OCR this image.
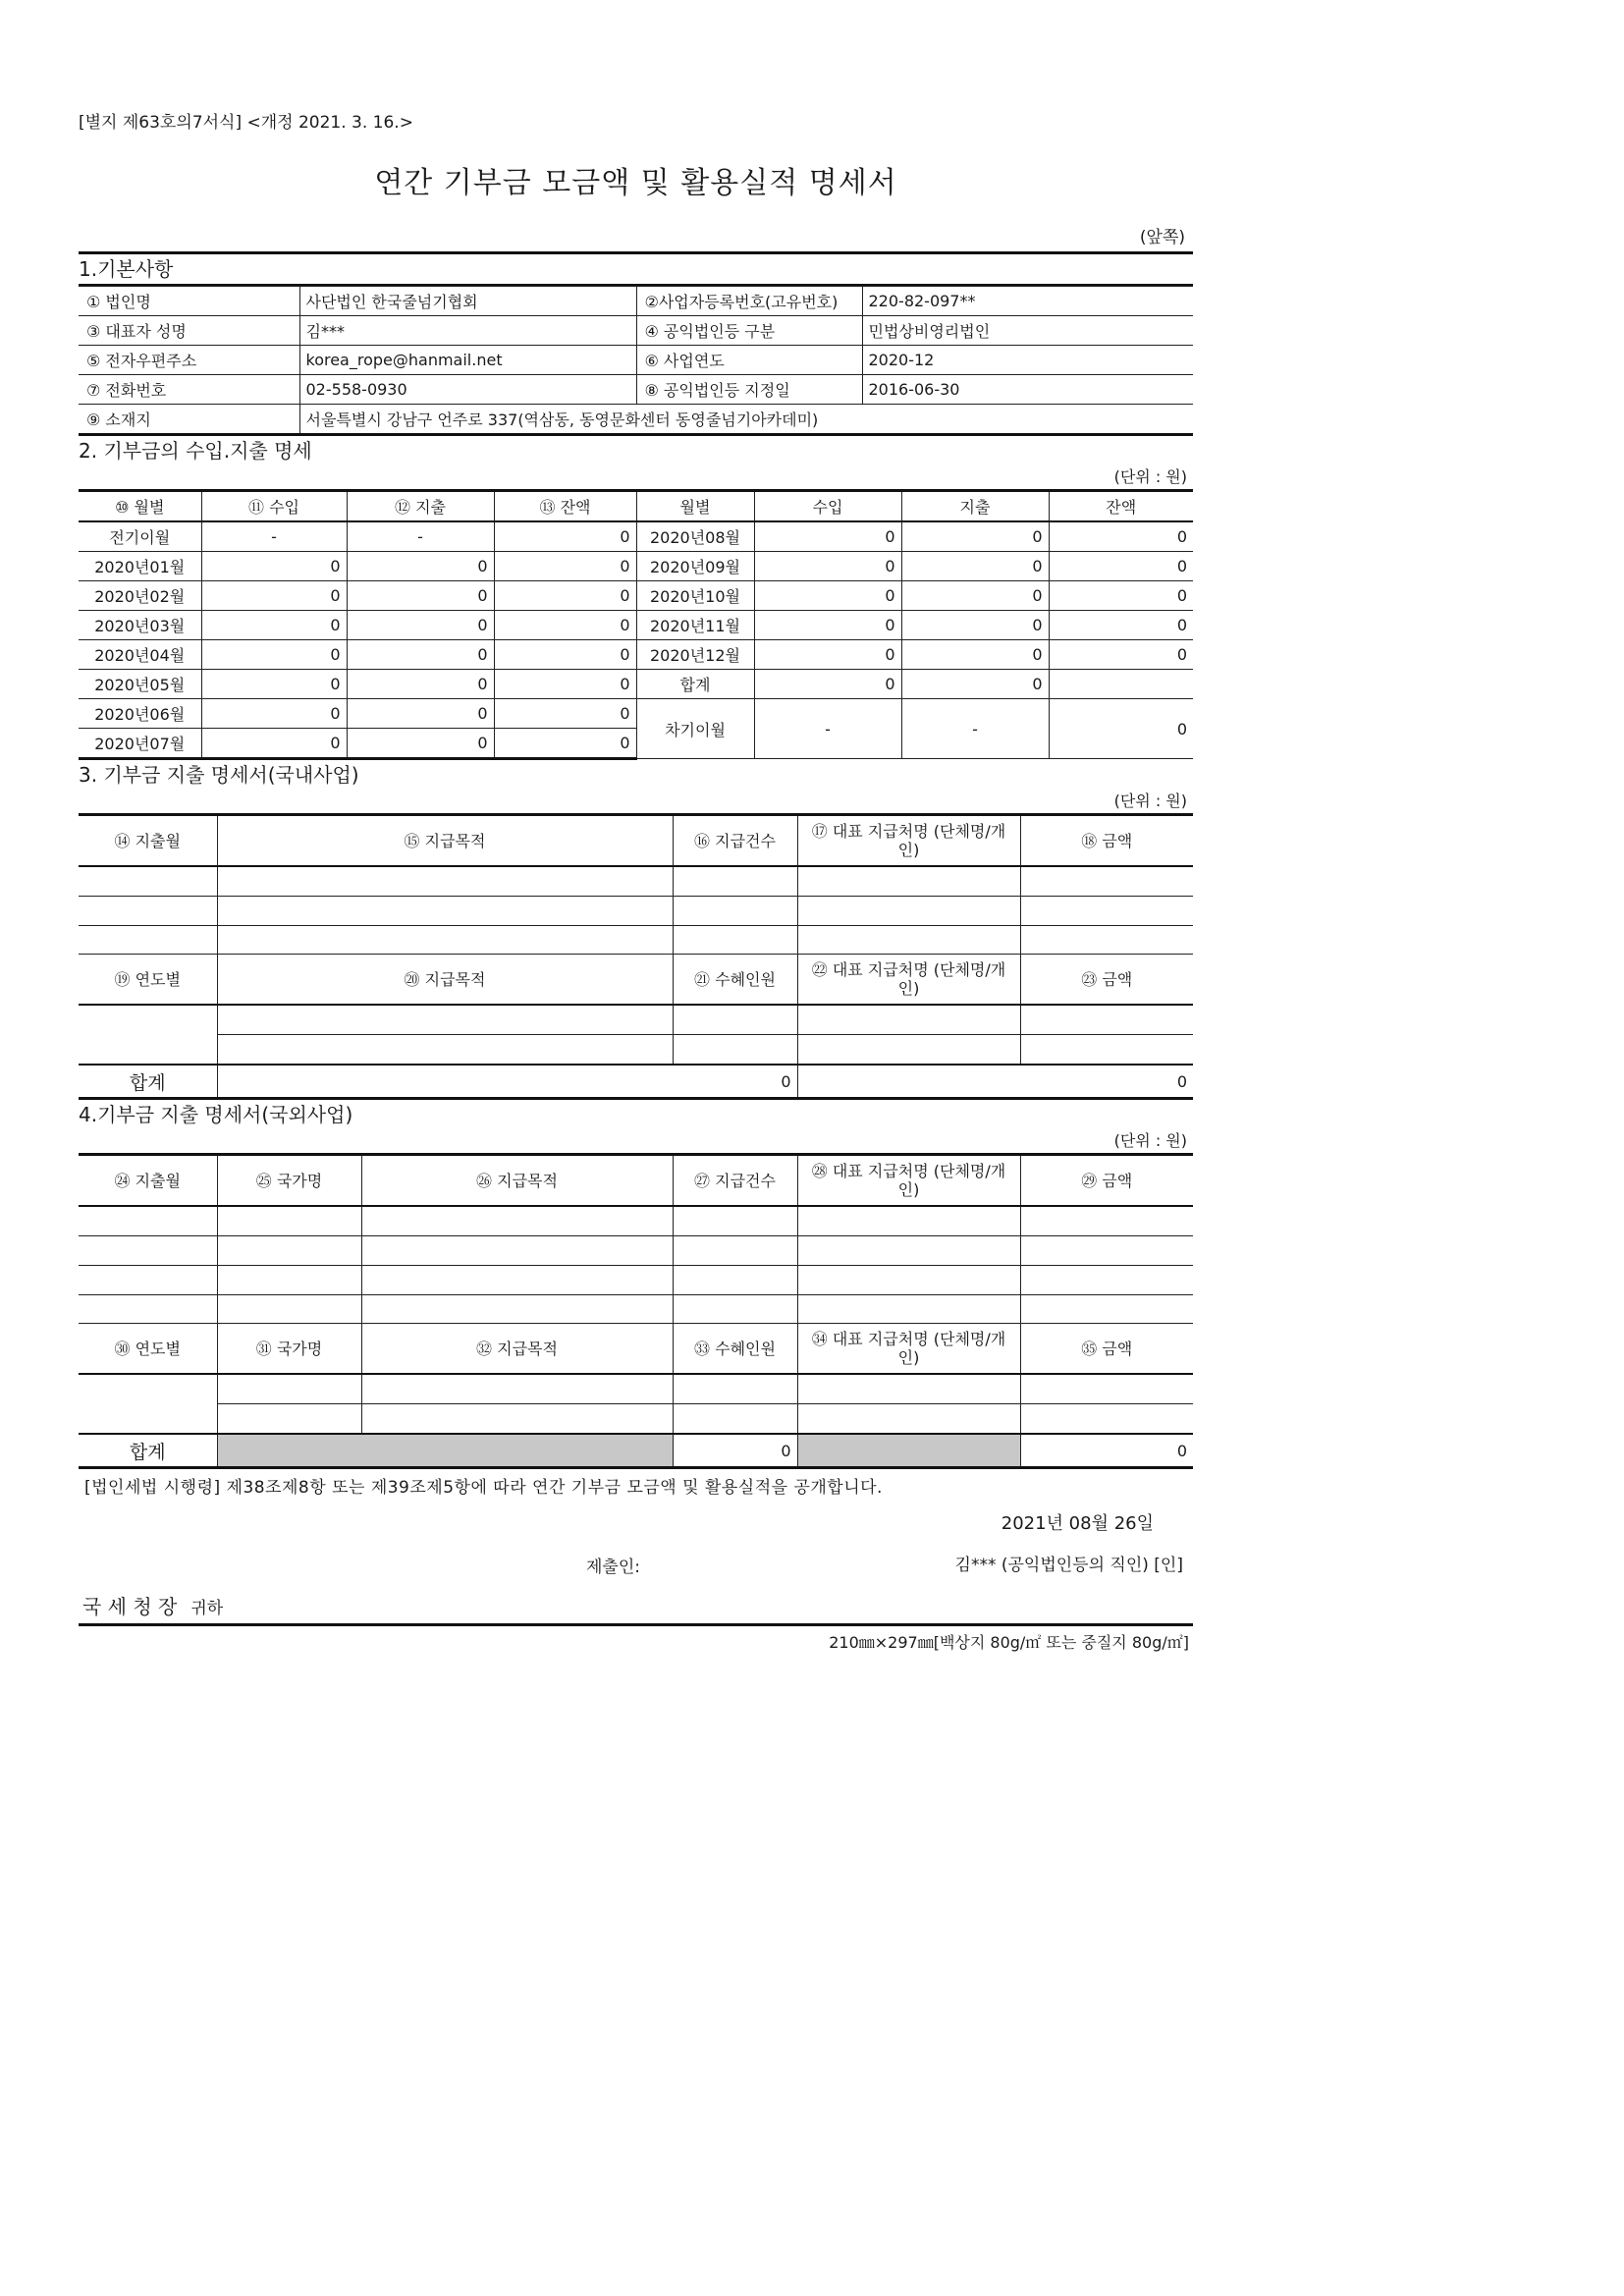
[별지 제63호의7서식] <개정 2021. 3. 16.>
연간 기부금 모금액 및 활용실적 명세서
(앞쪽)
1.기본사항
① 법인명	사단법인 한국줄넘기협회	②사업자등록번호(고유번호)	220-82-097**
③ 대표자 성명	김***	④ 공익법인등 구분	민법상비영리법인
⑤ 전자우편주소	korea_rope@hanmail.net	⑥ 사업연도	2020-12
⑦ 전화번호	02-558-0930	⑧ 공익법인등 지정일	2016-06-30
⑨ 소재지	서울특별시 강남구 언주로 337(역삼동, 동영문화센터 동영줄넘기아카데미)		
2. 기부금의 수입.지출 명세
(단위 : 원)
⑩ 월별	⑪ 수입	⑫ 지출	⑬ 잔액	월별	수입	지출	잔액
전기이월	-	-	0	2020년08월	0	0	0
2020년01월	0	0	0	2020년09월	0	0	0
2020년02월	0	0	0	2020년10월	0	0	0
2020년03월	0	0	0	2020년11월	0	0	0
2020년04월	0	0	0	2020년12월	0	0	0
2020년05월	0	0	0	합계	0	0	
2020년06월	0	0	0	차기이월	-	-	0
2020년07월	0	0	0				
3. 기부금 지출 명세서(국내사업)
(단위 : 원)
⑭ 지출월	⑮ 지급목적	⑯ 지급건수	⑰ 대표 지급처명 (단체명/개인)	⑱ 금액

⑲ 연도별	⑳ 지급목적	㉑ 수혜인원	㉒ 대표 지급처명 (단체명/개인)	㉓ 금액

합계	0		0	
4.기부금 지출 명세서(국외사업)
(단위 : 원)
㉔ 지출월	㉕ 국가명	㉖ 지급목적	㉗ 지급건수	㉘ 대표 지급처명 (단체명/개인)	㉙ 금액

㉚ 연도별	㉛ 국가명	㉜ 지급목적	㉝ 수혜인원	㉞ 대표 지급처명 (단체명/개인)	㉟ 금액

합계			0		0
[법인세법 시행령] 제38조제8항 또는 제39조제5항에 따라 연간 기부금 모금액 및 활용실적을 공개합니다.
2021년 08월 26일
제출인:	김*** (공익법인등의 직인) [인]
국 세 청 장 귀하
210㎜×297㎜[백상지 80g/㎡ 또는 중질지 80g/㎡]
